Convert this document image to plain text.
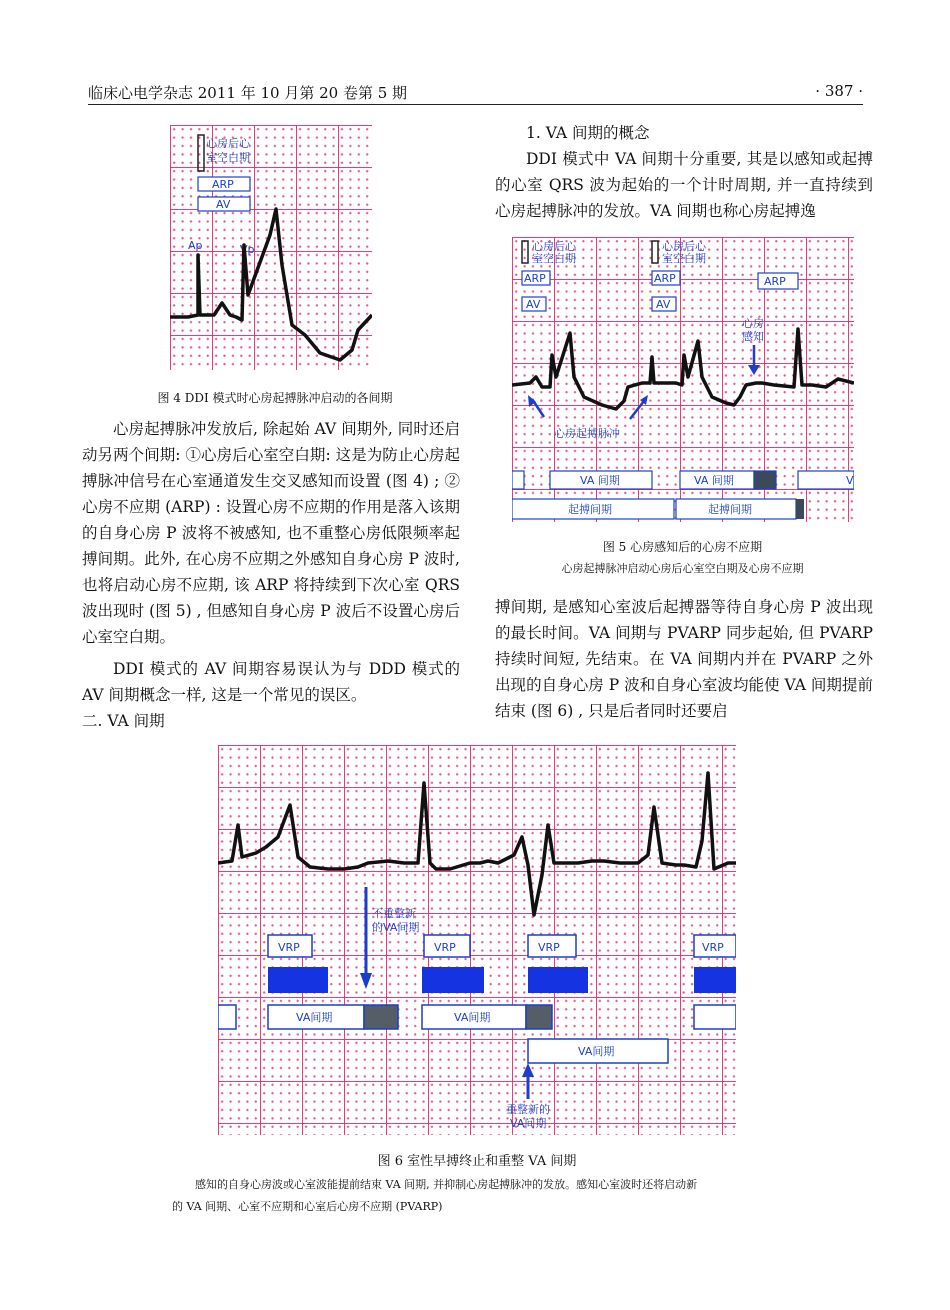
临床心电学杂志 2011 年 10 月第 20 卷第 5 期	· 387 ·
心房后心
室空白期
ARP
AV
Ap	Vp
图 4 DDI 模式时心房起搏脉冲启动的各间期

心房起搏脉冲发放后, 除起始 AV 间期外, 同时还启动另两个间期: ①心房后心室空白期: 这是为防止心房起搏脉冲信号在心室通道发生交叉感知而设置 (图 4) ; ②心房不应期 (ARP) : 设置心房不应期的作用是落入该期的自身心房 P 波将不被感知, 也不重整心房低限频率起搏间期。此外, 在心房不应期之外感知自身心房 P 波时, 也将启动心房不应期, 该 ARP 将持续到下次心室 QRS 波出现时 (图 5) , 但感知自身心房 P 波后不设置心房后心室空白期。

DDI 模式的 AV 间期容易误认为与 DDD 模式的 AV 间期概念一样, 这是一个常见的误区。

二. VA 间期

1. VA 间期的概念

DDI 模式中 VA 间期十分重要, 其是以感知或起搏的心室 QRS 波为起始的一个计时周期, 并一直持续到心房起搏脉冲的发放。VA 间期也称心房起搏逸

心房后心
室空白期
心房后心
室空白期
ARP	ARP	ARP
AV	AV
心房
感知
心房起搏脉冲
VA 间期	VA 间期	V
起搏间期	起搏间期
图 5 心房感知后的心房不应期
心房起搏脉冲启动心房后心室空白期及心房不应期

搏间期, 是感知心室波后起搏器等待自身心房 P 波出现的最长时间。VA 间期与 PVARP 同步起始, 但 PVARP 持续时间短, 先结束。在 VA 间期内并在 PVARP 之外出现的自身心房 P 波和自身心室波均能使 VA 间期提前结束 (图 6) , 只是后者同时还要启

不重整新
的VA间期
VRP	VRP	VRP	VRP
VA间期	VA间期
VA间期
重整新的
VA间期
图 6 室性早搏终止和重整 VA 间期
感知的自身心房波或心室波能提前结束 VA 间期, 并抑制心房起搏脉冲的发放。感知心室波时还将启动新
的 VA 间期、心室不应期和心室后心房不应期 (PVARP)
